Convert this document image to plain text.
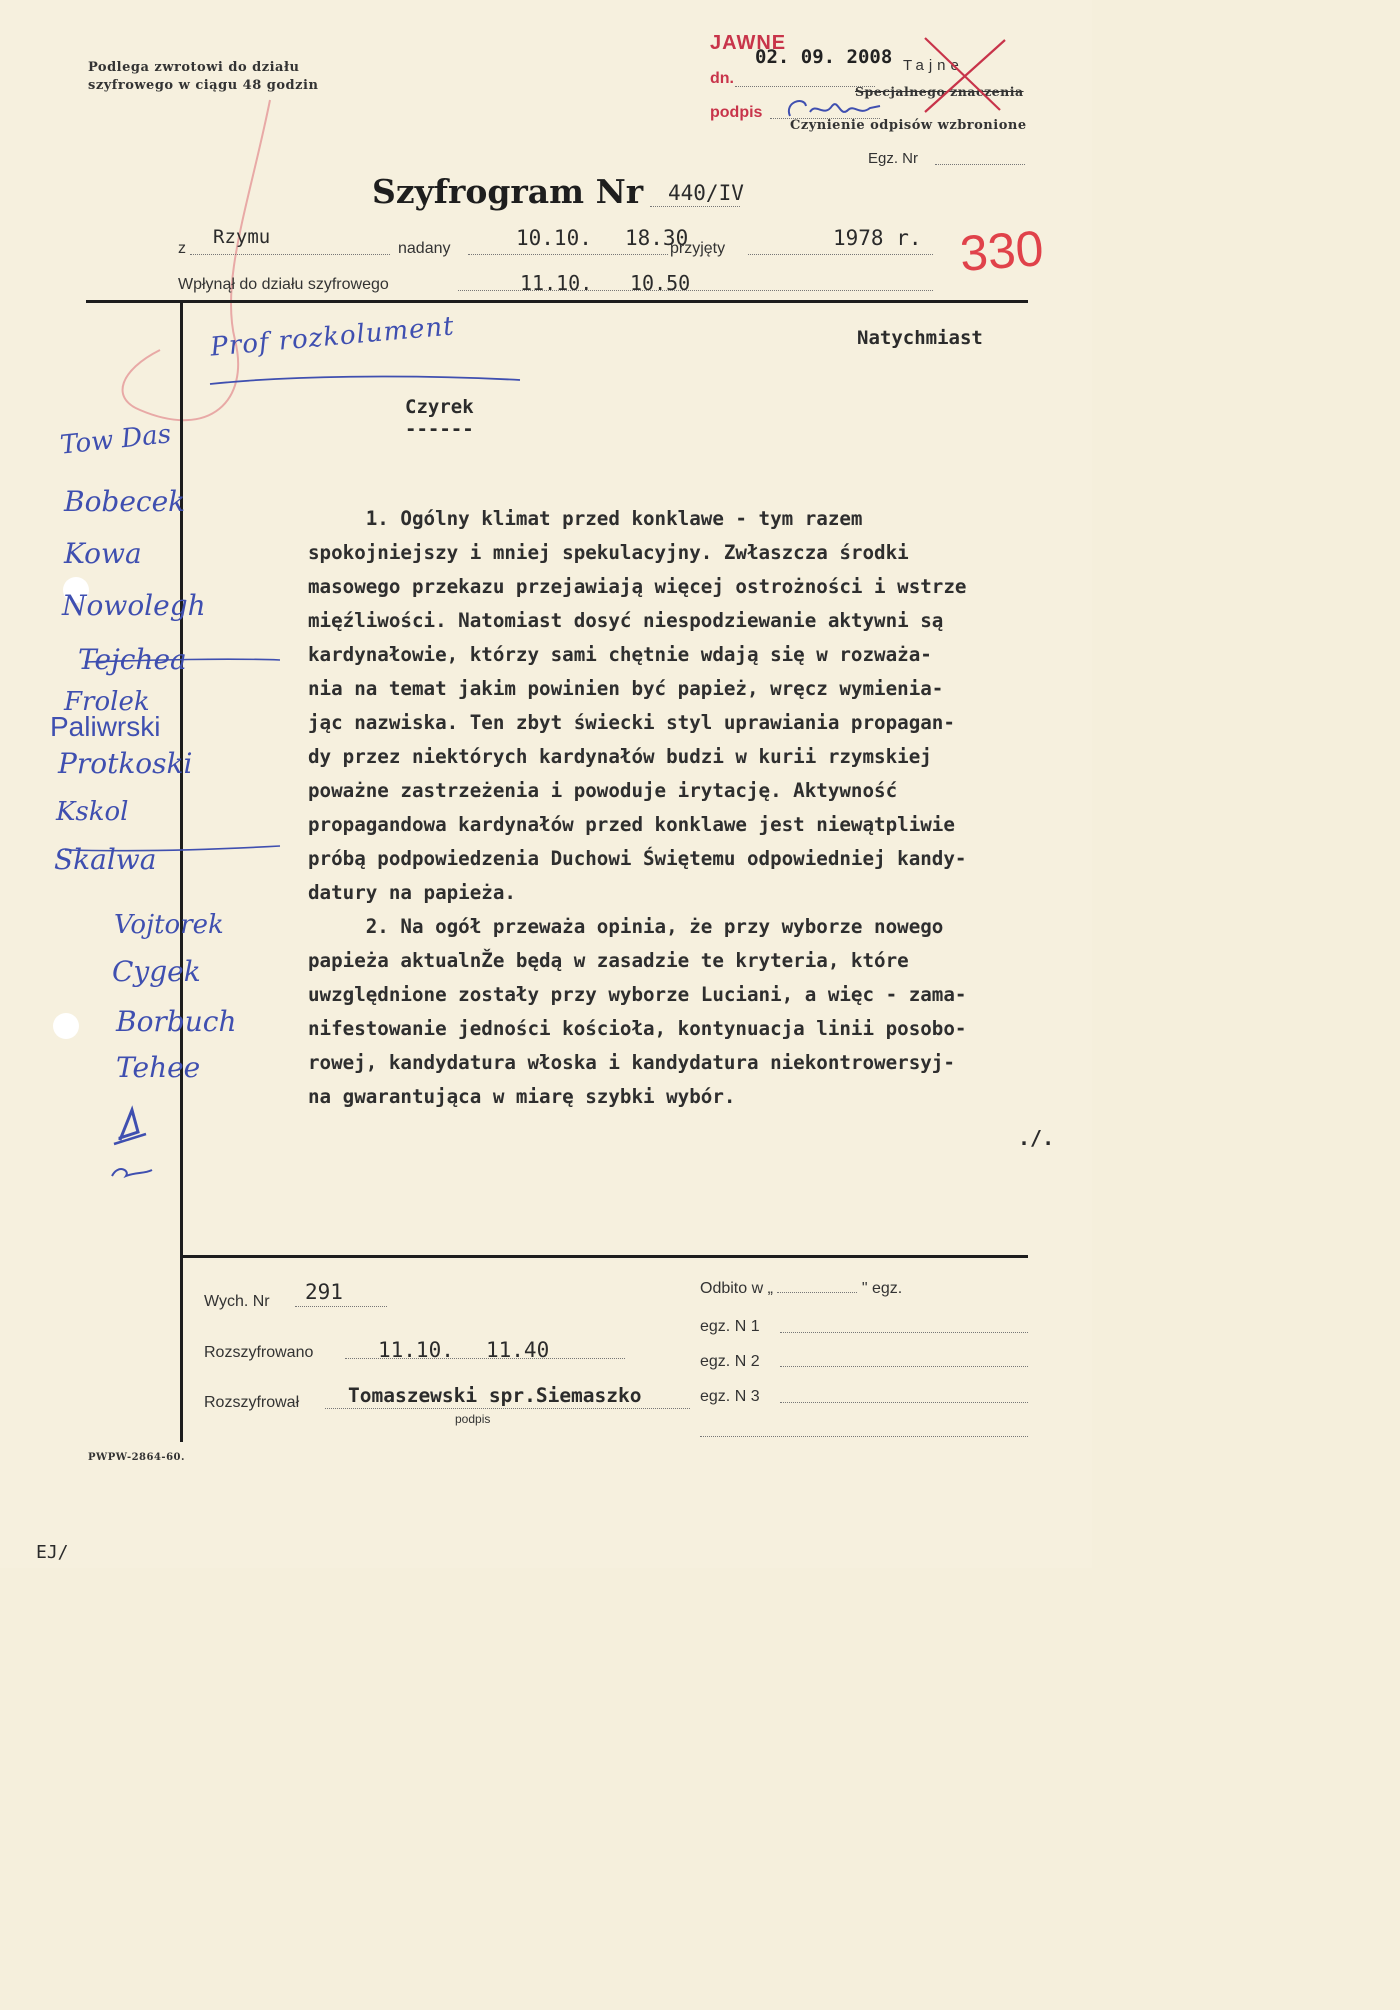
Podlega zwrotowi do działu
szyfrowego w ciągu 48 godzin
JAWNE
02. 09. 2008
dn.
podpis
Tajne
Specjalnego znaczenia
Czynienie odpisów wzbronione
Egz. Nr
Szyfrogram Nr 440/IV
z
Rzymu
nadany	10.10. 18.30
przyjęty	1978 r. 330
Wpłynął do działu szyfrowego	11.10. 10.50
Natychmiast
Prof rozkolument
Czyrek
------
1. Ogólny klimat przed konklawe - tym razem
spokojniejszy i mniej spekulacyjny. Zwłaszcza środki
masowego przekazu przejawiają więcej ostrożności i wstrze
mięźliwości. Natomiast dosyć niespodziewanie aktywni są
kardynałowie, którzy sami chętnie wdają się w rozważa-
nia na temat jakim powinien być papież, wręcz wymienia-
jąc nazwiska. Ten zbyt świecki styl uprawiania propagan-
dy przez niektórych kardynałów budzi w kurii rzymskiej
poważne zastrzeżenia i powoduje irytację. Aktywność
propagandowa kardynałów przed konklawe jest niewątpliwie
próbą podpowiedzenia Duchowi Świętemu odpowiedniej kandy-
datury na papieża.
2. Na ogół przeważa opinia, że przy wyborze nowego
papieża aktualnŽe będą w zasadzie te kryteria, które
uwzględnione zostały przy wyborze Luciani, a więc - zama-
nifestowanie jedności kościoła, kontynuacja linii posobo-
rowej, kandydatura włoska i kandydatura niekontrowersyj-
na gwarantująca w miarę szybki wybór.
./.
Tow Das
Bobecek
Kowa
Nowolegh
Tejchea
Frolek
Paliwrski
Protkoski
Kskol
Skalwa
Vojtorek
Cygek
Borbuch
Tehee
Wych. Nr 291
Rozszyfrowano	11.10. 11.40
Rozszyfrował	Tomaszewski spr.Siemaszko
podpis
Odbito w „	" egz.
egz. N 1
egz. N 2
egz. N 3
PWPW-2864-60.
EJ/
